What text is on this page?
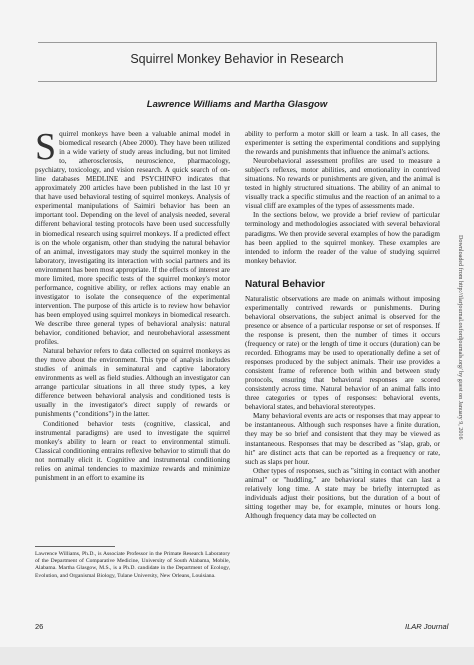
Squirrel Monkey Behavior in Research
Lawrence Williams and Martha Glasgow
S quirrel monkeys have been a valuable animal model in biomedical research (Abee 2000). They have been utilized in a wide variety of study areas including, but not limited to, atherosclerosis, neuroscience, pharmacology, psychiatry, toxicology, and vision research. A quick search of on-line databases MEDLINE and PSYCHINFO indicates that approximately 200 articles have been published in the last 10 yr that have used behavioral testing of squirrel monkeys. Analysis of experimental manipulations of Saimiri behavior has been an important tool. Depending on the level of analysis needed, several different behavioral testing protocols have been used successfully in biomedical research using squirrel monkeys. If a predicted effect is on the whole organism, other than studying the natural behavior of an animal, investigators may study the squirrel monkey in the laboratory, investigating its interaction with social partners and its environment has been most appropriate. If the effects of interest are more limited, more specific tests of the squirrel monkey's motor performance, cognitive ability, or reflex actions may enable an investigator to isolate the consequence of the experimental intervention. The purpose of this article is to review how behavior has been employed using squirrel monkeys in biomedical research. We describe three general types of behavioral analysis: natural behavior, conditioned behavior, and neurobehavioral assessment profiles.

Natural behavior refers to data collected on squirrel monkeys as they move about the environment. This type of analysis includes studies of animals in seminatural and captive laboratory environments as well as field studies. Although an investigator can arrange particular situations in all three study types, a key difference between behavioral analysis and conditioned tests is usually in the investigator's direct supply of rewards or punishments ("conditions") in the latter.

Conditioned behavior tests (cognitive, classical, and instrumental paradigms) are used to investigate the squirrel monkey's ability to learn or react to environmental stimuli. Classical conditioning entrains reflexive behavior to stimuli that do not normally elicit it. Cognitive and instrumental conditioning relies on animal tendencies to maximize rewards and minimize punishment in an effort to examine its

ability to perform a motor skill or learn a task. In all cases, the experimenter is setting the experimental conditions and supplying the rewards and punishments that influence the animal's actions.

Neurobehavioral assessment profiles are used to measure a subject's reflexes, motor abilities, and emotionality in contrived situations. No rewards or punishments are given, and the animal is tested in highly structured situations. The ability of an animal to visually track a specific stimulus and the reaction of an animal to a visual cliff are examples of the types of assessments made.

In the sections below, we provide a brief review of particular terminology and methodologies associated with several behavioral paradigms. We then provide several examples of how the paradigm has been applied to the squirrel monkey. These examples are intended to inform the reader of the value of studying squirrel monkey behavior.

Natural Behavior

Naturalistic observations are made on animals without imposing experimentally contrived rewards or punishments. During behavioral observations, the subject animal is observed for the presence or absence of a particular response or set of responses. If the response is present, then the number of times it occurs (frequency or rate) or the length of time it occurs (duration) can be recorded. Ethograms may be used to operationally define a set of responses produced by the subject animals. Their use provides a consistent frame of reference both within and between study protocols, ensuring that behavioral responses are scored consistently across time. Natural behavior of an animal falls into three categories or types of responses: behavioral events, behavioral states, and behavioral stereotypes.

Many behavioral events are acts or responses that may appear to be instantaneous. Although such responses have a finite duration, they may be so brief and consistent that they may be viewed as instantaneous. Responses that may be described as "slap, grab, or hit" are distinct acts that can be reported as a frequency or rate, such as slaps per hour.

Other types of responses, such as "sitting in contact with another animal" or "huddling," are behavioral states that can last a relatively long time. A state may be briefly interrupted as individuals adjust their positions, but the duration of a bout of sitting together may be, for example, minutes or hours long. Although frequency data may be collected on

Lawrence Williams, Ph.D., is Associate Professor in the Primate Research Laboratory of the Department of Comparative Medicine, University of South Alabama, Mobile, Alabama. Martha Glasgow, M.S., is a Ph.D. candidate in the Department of Ecology, Evolution, and Organismal Biology, Tulane University, New Orleans, Louisiana.
26	ILAR Journal
Downloaded from http://ilarjournal.oxfordjournals.org/ by guest on January 9, 2016
